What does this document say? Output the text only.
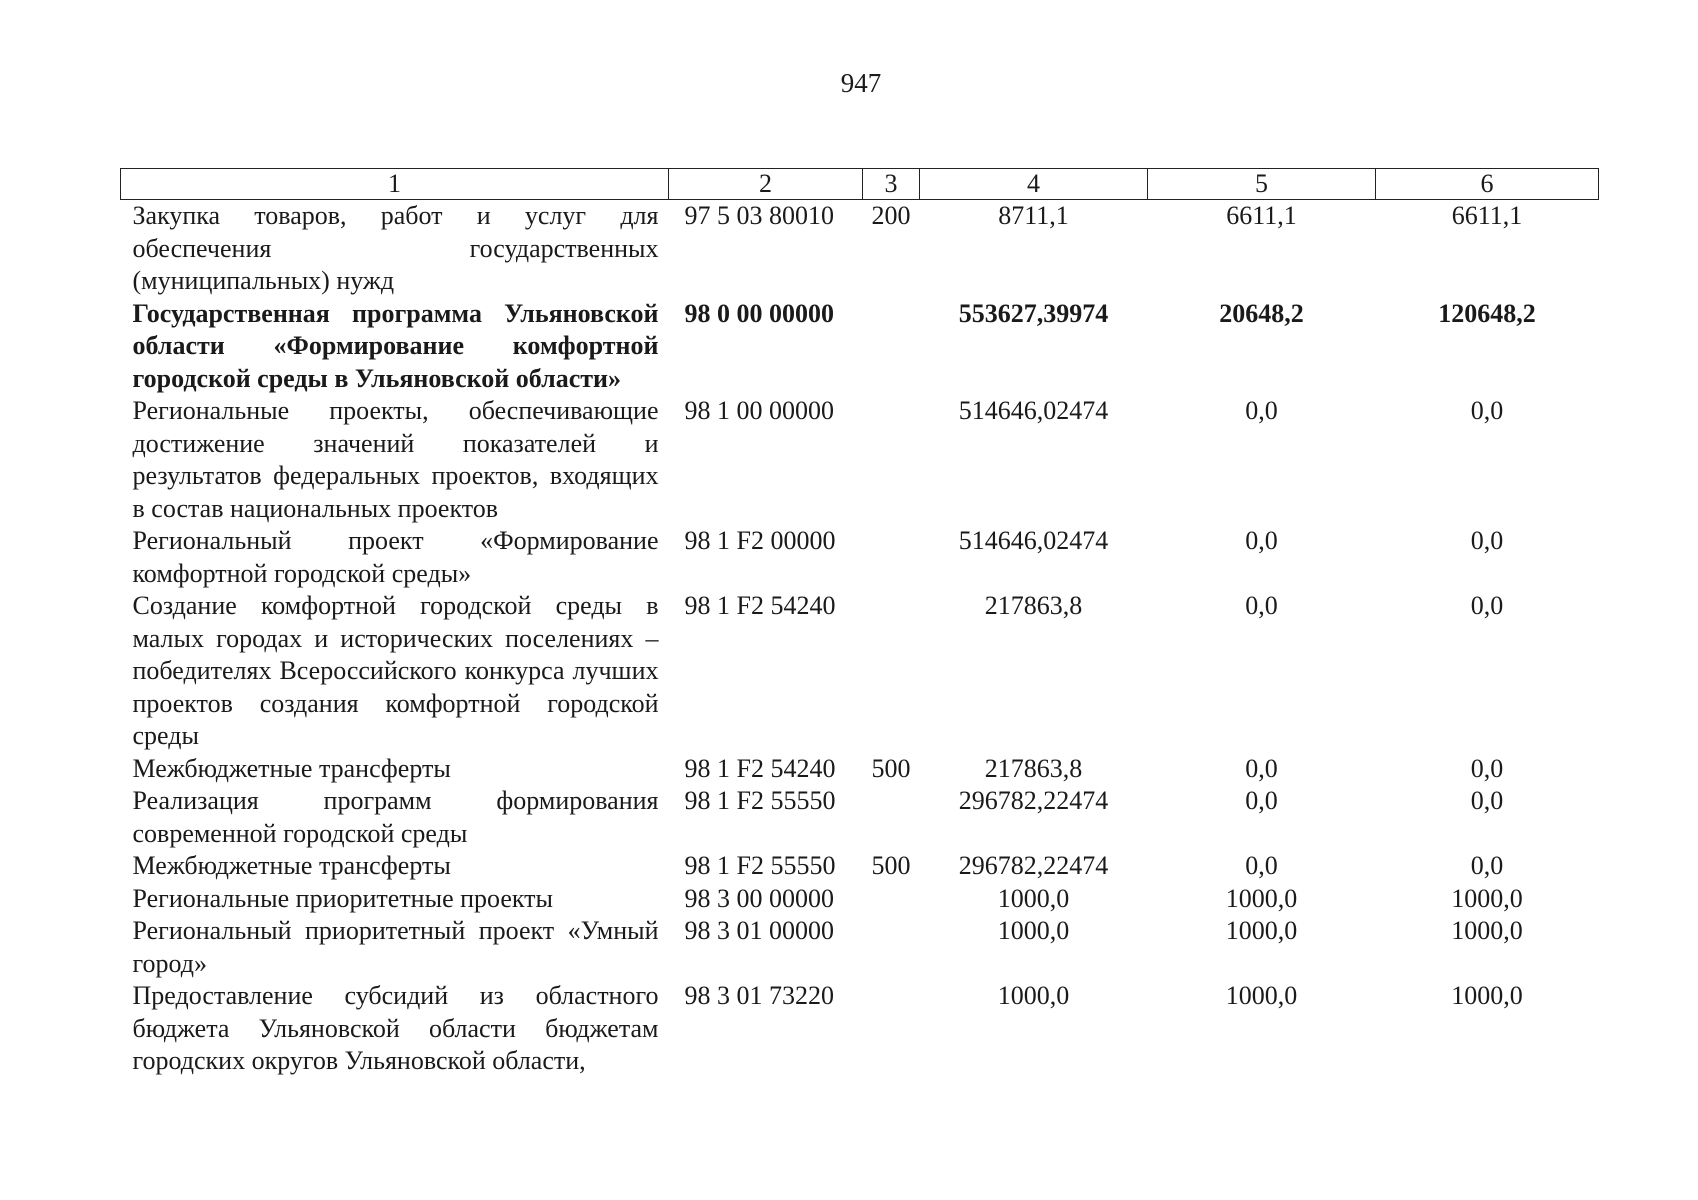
947
1	2	3	4	5	6
Закупка товаров, работ и услуг для обеспечения государственных (муниципальных) нужд	97 5 03 80010	200	8711,1	6611,1	6611,1
Государственная программа Ульяновской области «Формирование комфортной городской среды в Ульяновской области»	98 0 00 00000		553627,39974	20648,2	120648,2
Региональные проекты, обеспечивающие достижение значений показателей и результатов федеральных проектов, входящих в состав национальных проектов	98 1 00 00000		514646,02474	0,0	0,0
Региональный проект «Формирование комфортной городской среды»	98 1 F2 00000		514646,02474	0,0	0,0
Создание комфортной городской среды в малых городах и исторических поселениях – победителях Всероссийского конкурса лучших проектов создания комфортной городской среды	98 1 F2 54240		217863,8	0,0	0,0
Межбюджетные трансферты	98 1 F2 54240	500	217863,8	0,0	0,0
Реализация программ формирования современной городской среды	98 1 F2 55550		296782,22474	0,0	0,0
Межбюджетные трансферты	98 1 F2 55550	500	296782,22474	0,0	0,0
Региональные приоритетные проекты	98 3 00 00000		1000,0	1000,0	1000,0
Региональный приоритетный проект «Умный город»	98 3 01 00000		1000,0	1000,0	1000,0
Предоставление субсидий из областного бюджета Ульяновской области бюджетам городских округов Ульяновской области,	98 3 01 73220		1000,0	1000,0	1000,0
